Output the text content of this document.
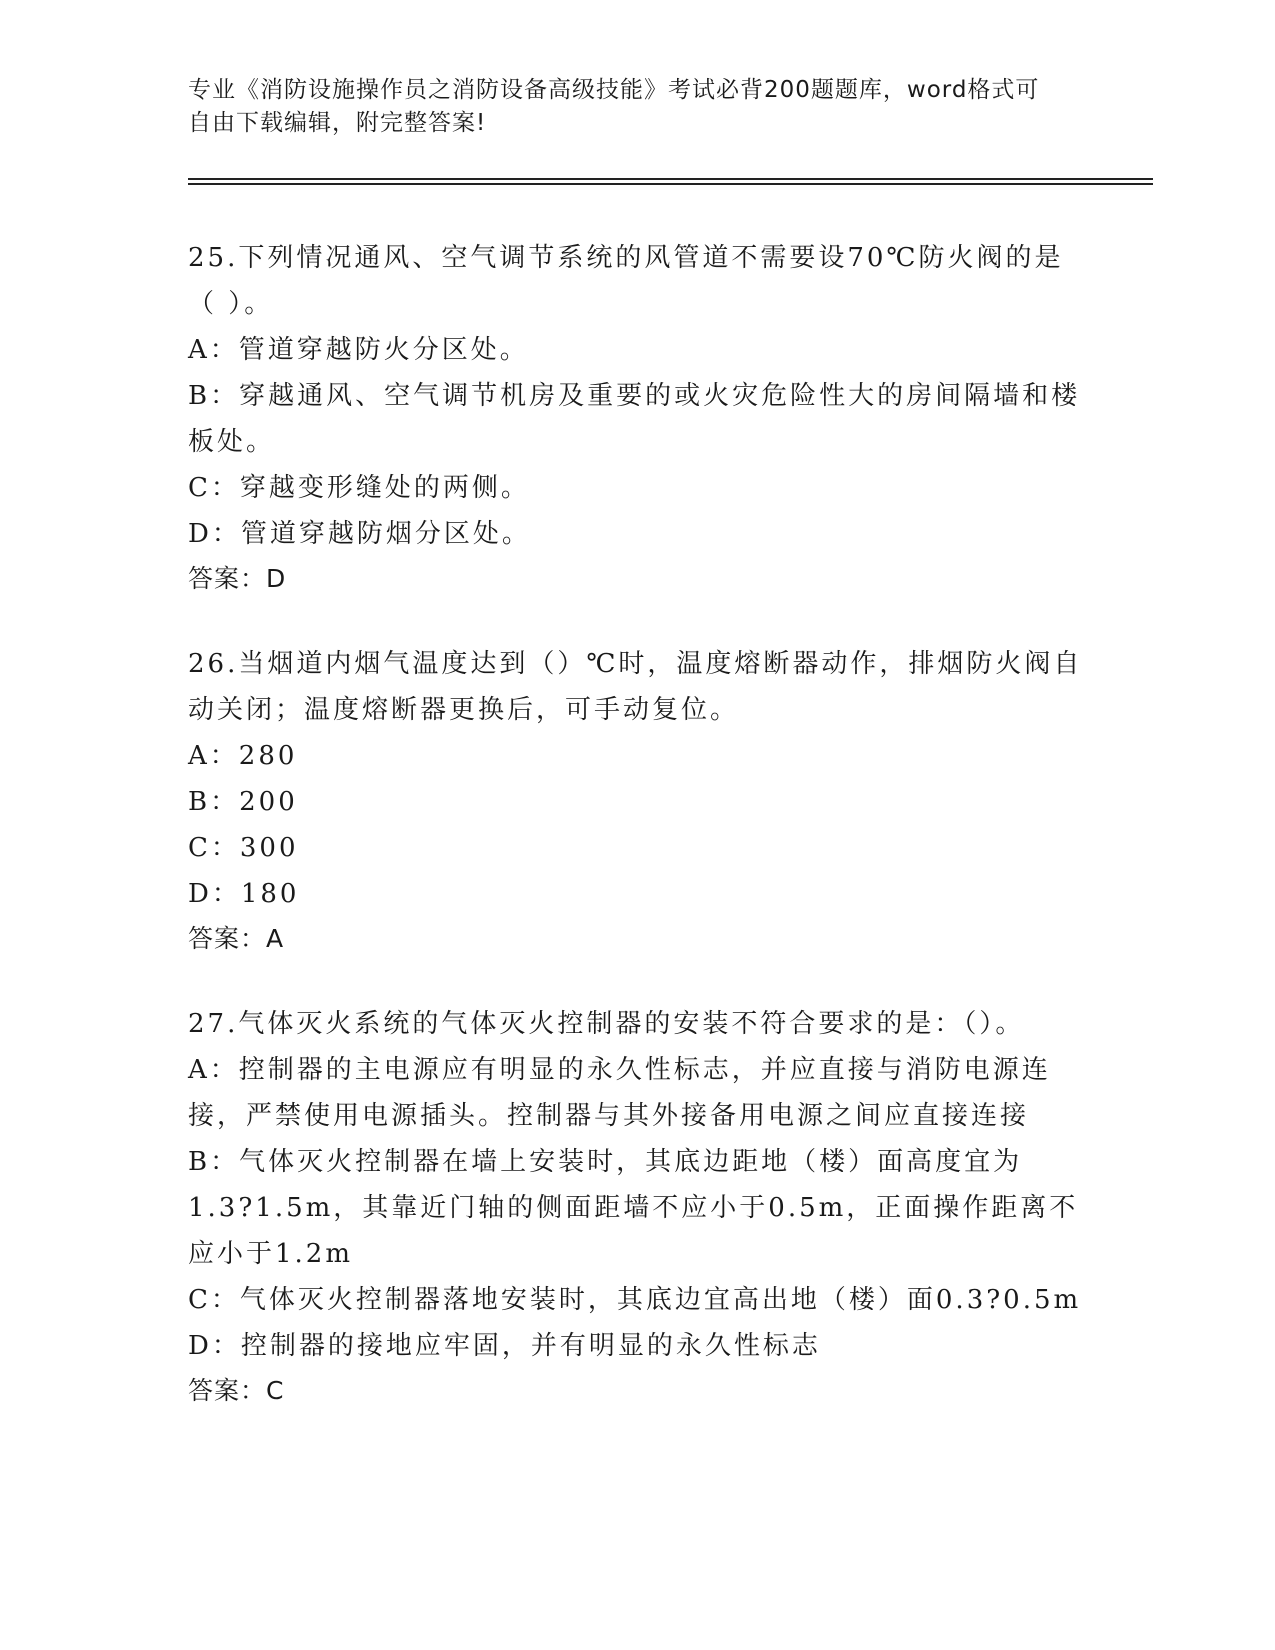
专业《消防设施操作员之消防设备高级技能》考试必背200题题库，word格式可
自由下载编辑，附完整答案!

25.下列情况通风、空气调节系统的风管道不需要设70℃防火阀的是（ ）。

A：管道穿越防火分区处。

B：穿越通风、空气调节机房及重要的或火灾危险性大的房间隔墙和楼板处。

C：穿越变形缝处的两侧。

D：管道穿越防烟分区处。

答案：D

26.当烟道内烟气温度达到（）℃时，温度熔断器动作，排烟防火阀自动关闭；温度熔断器更换后，可手动复位。

A：280

B：200

C：300

D：180

答案：A

27.气体灭火系统的气体灭火控制器的安装不符合要求的是：（）。

A：控制器的主电源应有明显的永久性标志，并应直接与消防电源连接，严禁使用电源插头。控制器与其外接备用电源之间应直接连接

B：气体灭火控制器在墙上安装时，其底边距地（楼）面高度宜为1.3?1.5m，其靠近门轴的侧面距墙不应小于0.5m，正面操作距离不应小于1.2m

C：气体灭火控制器落地安装时，其底边宜高出地（楼）面0.3?0.5m

D：控制器的接地应牢固，并有明显的永久性标志

答案：C
